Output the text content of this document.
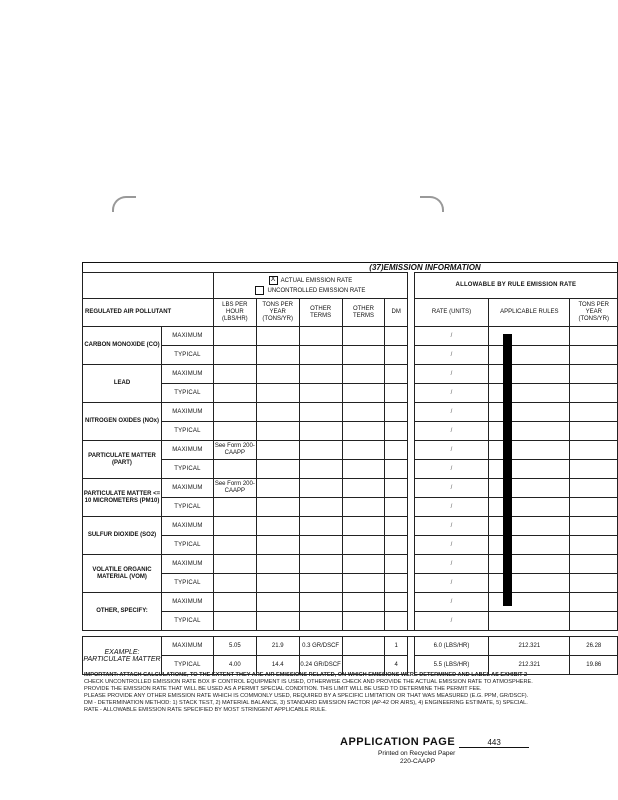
(37)EMISSION INFORMATION

		X ACTUAL EMISSION RATE
UNCONTROLLED EMISSION RATE						ALLOWABLE BY RULE EMISSION RATE		
REGULATED AIR POLLUTANT		LBS PER HOUR (LBS/HR)	TONS PER YEAR (TONS/YR)	OTHER TERMS	OTHER TERMS	DM		RATE (UNITS)	APPLICABLE RULES	TONS PER YEAR (TONS/YR)
CARBON MONOXIDE (CO)	MAXIMUM							/		
	TYPICAL							/		
LEAD	MAXIMUM							/		
	TYPICAL							/		
NITROGEN OXIDES (NOx)	MAXIMUM							/		
	TYPICAL							/		
PARTICULATE MATTER (PART)	MAXIMUM	See Form 200-CAAPP						/		
	TYPICAL							/		
PARTICULATE MATTER <= 10 MICROMETERS (PM10)	MAXIMUM	See Form 200-CAAPP						/		
	TYPICAL							/		
SULFUR DIOXIDE (SO2)	MAXIMUM							/		
	TYPICAL							/		
VOLATILE ORGANIC MATERIAL (VOM)	MAXIMUM							/		
	TYPICAL							/		
OTHER, SPECIFY:	MAXIMUM							/		
	TYPICAL							/		

EXAMPLE: PARTICULATE MATTER	MAXIMUM	5.05	21.9	0.3 GR/DSCF		1		6.0 (LBS/HR)	212.321	26.28
	TYPICAL	4.00	14.4	0.24 GR/DSCF		4		5.5 (LBS/HR)	212.321	19.86
IMPORTANT: ATTACH CALCULATIONS, TO THE EXTENT THEY ARE AIR EMISSIONS RELATED, ON WHICH EMISSIONS WERE DETERMINED AND LABEL AS EXHIBIT 2
CHECK UNCONTROLLED EMISSION RATE BOX IF CONTROL EQUIPMENT IS USED, OTHERWISE CHECK AND PROVIDE THE ACTUAL EMISSION RATE TO ATMOSPHERE.
PROVIDE THE EMISSION RATE THAT WILL BE USED AS A PERMIT SPECIAL CONDITION. THIS LIMIT WILL BE USED TO DETERMINE THE PERMIT FEE.
PLEASE PROVIDE ANY OTHER EMISSION RATE WHICH IS COMMONLY USED, REQUIRED BY A SPECIFIC LIMITATION OR THAT WAS MEASURED (E.G. PPM, GR/DSCF).
DM - DETERMINATION METHOD: 1) STACK TEST, 2) MATERIAL BALANCE, 3) STANDARD EMISSION FACTOR (AP-42 OR AIRS), 4) ENGINEERING ESTIMATE, 5) SPECIAL.
RATE - ALLOWABLE EMISSION RATE SPECIFIED BY MOST STRINGENT APPLICABLE RULE.
APPLICATION PAGE	443
Printed on Recycled Paper
220-CAAPP
